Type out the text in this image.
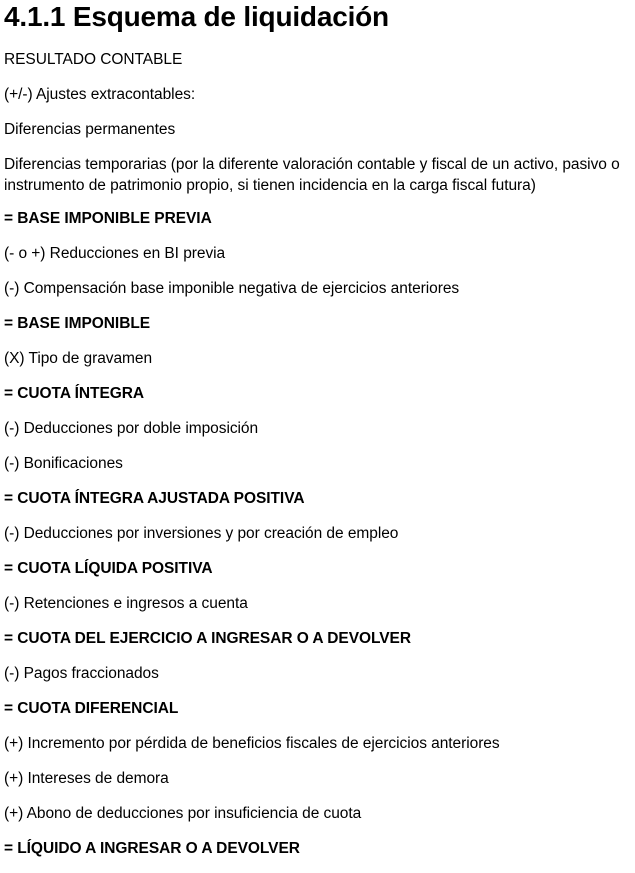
4.1.1 Esquema de liquidación

RESULTADO CONTABLE

(+/-) Ajustes extracontables:

Diferencias permanentes

Diferencias temporarias (por la diferente valoración contable y fiscal de un activo, pasivo o instrumento de patrimonio propio, si tienen incidencia en la carga fiscal futura)

= BASE IMPONIBLE PREVIA

(- o +) Reducciones en BI previa

(-) Compensación base imponible negativa de ejercicios anteriores

= BASE IMPONIBLE

(X) Tipo de gravamen

= CUOTA ÍNTEGRA

(-) Deducciones por doble imposición

(-) Bonificaciones

= CUOTA ÍNTEGRA AJUSTADA POSITIVA

(-) Deducciones por inversiones y por creación de empleo

= CUOTA LÍQUIDA POSITIVA

(-) Retenciones e ingresos a cuenta

= CUOTA DEL EJERCICIO A INGRESAR O A DEVOLVER

(-) Pagos fraccionados

= CUOTA DIFERENCIAL

(+) Incremento por pérdida de beneficios fiscales de ejercicios anteriores

(+) Intereses de demora

(+) Abono de deducciones por insuficiencia de cuota

= LÍQUIDO A INGRESAR O A DEVOLVER
